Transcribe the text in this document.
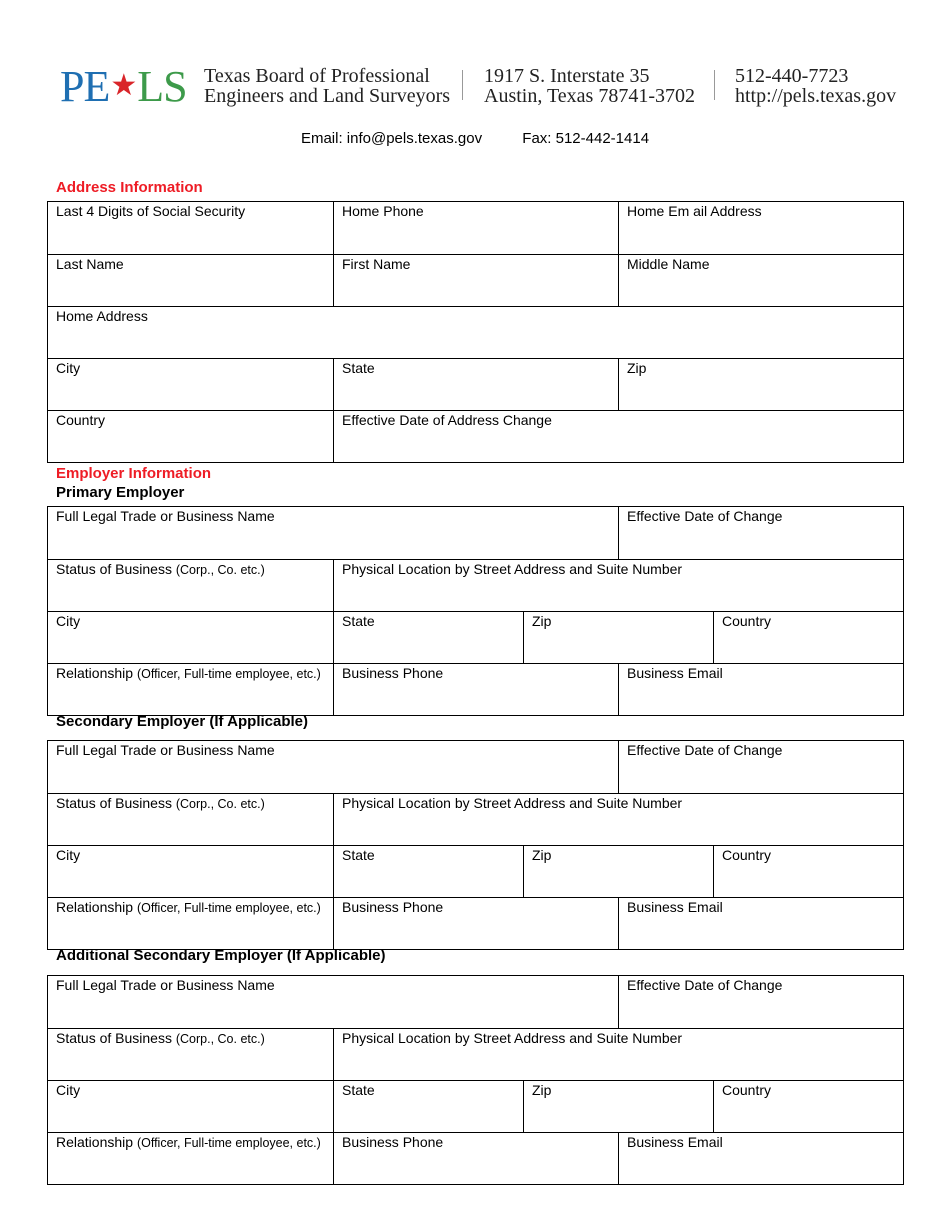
PE★LS Texas Board of Professional
Engineers and Land Surveyors
1917 S. Interstate 35
Austin, Texas 78741-3702
512-440-7723
http://pels.texas.gov
Email: info@pels.texas.gov	Fax: 512-442-1414
Address Information
Last 4 Digits of Social Security	Home Phone	Home Em ail Address
Last Name	First Name	Middle Name
Home Address
City	State	Zip
Country	Effective Date of Address Change
Employer Information
Primary Employer
Full Legal Trade or Business Name	Effective Date of Change
Status of Business (Corp., Co. etc.)	Physical Location by Street Address and Suite Number
City	State	Zip	Country
Relationship (Officer, Full-time employee, etc.)	Business Phone	Business Email
Secondary Employer (If Applicable)
Full Legal Trade or Business Name	Effective Date of Change
Status of Business (Corp., Co. etc.)	Physical Location by Street Address and Suite Number
City	State	Zip	Country
Relationship (Officer, Full-time employee, etc.)	Business Phone	Business Email
Additional Secondary Employer (If Applicable)
Full Legal Trade or Business Name	Effective Date of Change
Status of Business (Corp., Co. etc.)	Physical Location by Street Address and Suite Number
City	State	Zip	Country
Relationship (Officer, Full-time employee, etc.)	Business Phone	Business Email
